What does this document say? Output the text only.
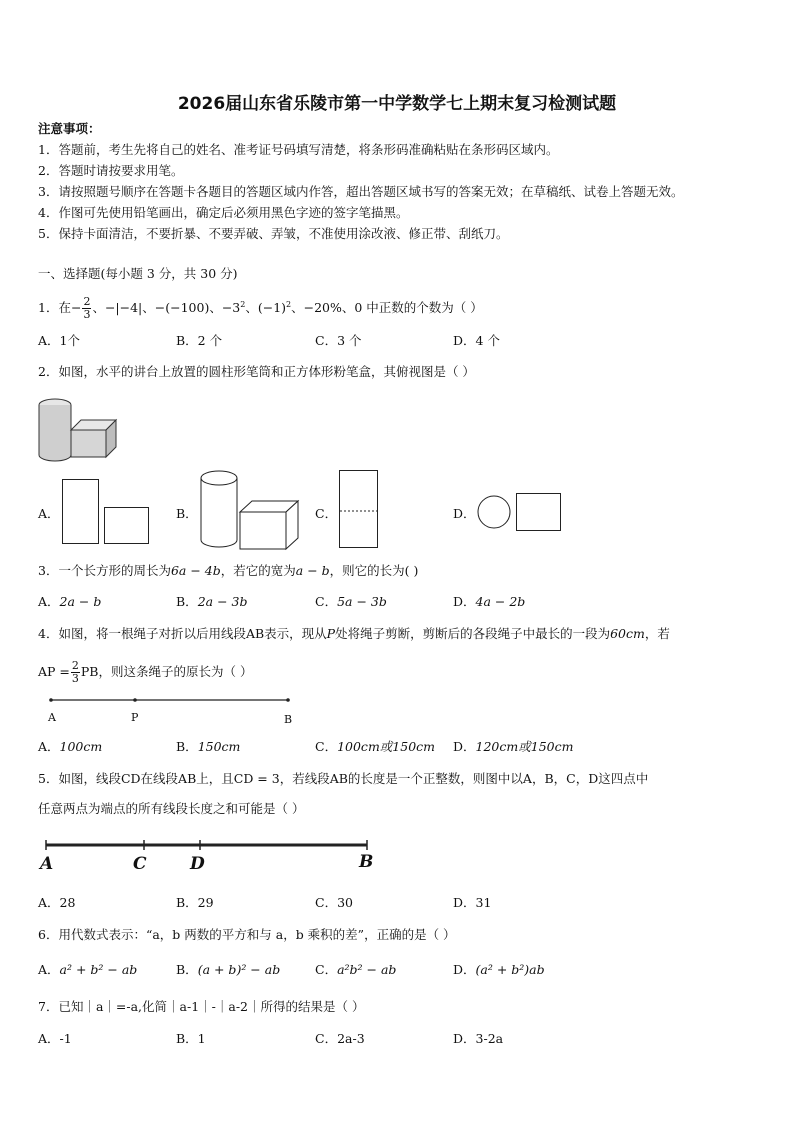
2026届山东省乐陵市第一中学数学七上期末复习检测试题
注意事项：
1．答题前，考生先将自己的姓名、准考证号码填写清楚，将条形码准确粘贴在条形码区域内。
2．答题时请按要求用笔。
3．请按照题号顺序在答题卡各题目的答题区域内作答，超出答题区域书写的答案无效；在草稿纸、试卷上答题无效。
4．作图可先使用铅笔画出，确定后必须用黑色字迹的签字笔描黑。
5．保持卡面清洁，不要折暴、不要弄破、弄皱，不准使用涂改液、修正带、刮纸刀。
一、选择题(每小题 3 分，共 30 分)
1．在− $\frac{2}{3}$ 、−|−4|、−(−100)、$-3^2$、$(-1)^2$、−20%、0 中正数的个数为（ ）
A．1个	B．2 个	C．3 个	D．4 个
2．如图，水平的讲台上放置的圆柱形笔筒和正方体形粉笔盒，其俯视图是（ ）
A．	B．	C．	D．
3．一个长方形的周长为6a − 4b，若它的宽为a − b，则它的长为( )
A．2a − b	B．2a − 3b	C．5a − 3b	D．4a − 2b
4．如图，将一根绳子对折以后用线段AB表示，现从P处将绳子剪断，剪断后的各段绳子中最长的一段为60cm，若
AP = $\frac{2}{3}$ PB，则这条绳子的原长为（ ）
A	P	B
A．100cm	B．150cm	C．100cm或150cm D．120cm或150cm
5．如图，线段CD在线段AB上，且CD = 3，若线段AB的长度是一个正整数，则图中以A，B，C，D这四点中
任意两点为端点的所有线段长度之和可能是（ ）
A	C	D	B
A．28	B．29	C．30	D．31
6．用代数式表示：“a，b 两数的平方和与 a，b 乘积的差”，正确的是（ ）
A．a² + b² − ab	B．(a + b)² − ab	C．a²b² − ab	D．(a² + b²)ab
7．已知｜a｜=-a,化简｜a-1｜-｜a-2｜所得的结果是（ ）
A．-1	B．1	C．2a-3	D．3-2a
